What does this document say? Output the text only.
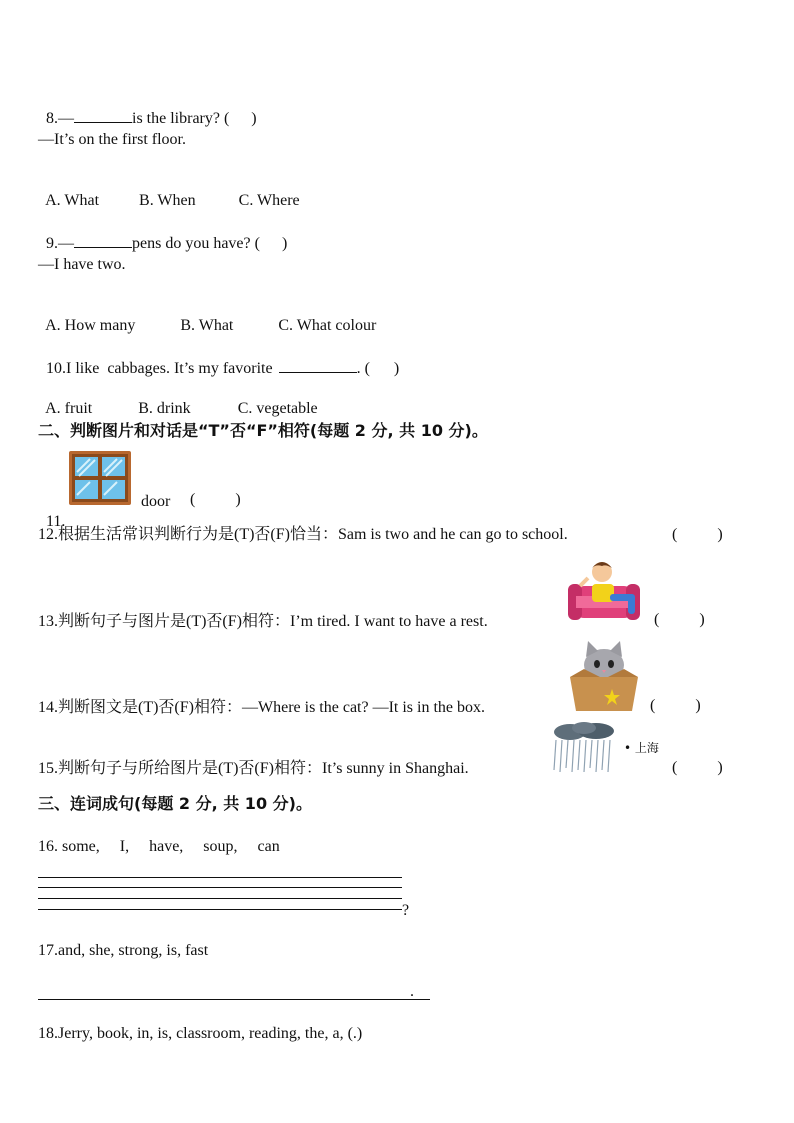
8.—	is the library? ( )

—It’s on the first floor.

A. What	B. When	C. Where

9.—	pens do you have? ( )

—I have two.

A. How many	B. What	C. What colour

10.I like  cabbages. It’s my favorite	. ( )

A. fruit	B. drink	C. vegetable

二、判断图片和对话是“T”否“F”相符(每题 2 分, 共 10 分)。

11.

door (          )
12.根据生活常识判断行为是(T)否(F)恰当：Sam is two and he can go to school.	(          )
13.判断句子与图片是(T)否(F)相符：I’m tired. I want to have a rest.	(          )
14.判断图文是(T)否(F)相符：—Where is the cat? —It is in the box.	(          )
• 上海
15.判断句子与所给图片是(T)否(F)相符：It’s sunny in Shanghai.	(          )
三、连词成句(每题 2 分, 共 10 分)。
16. some,     I,     have,     soup,     can
?
17.and, she, strong, is, fast
.
18.Jerry, book, in, is, classroom, reading, the, a, (.)
